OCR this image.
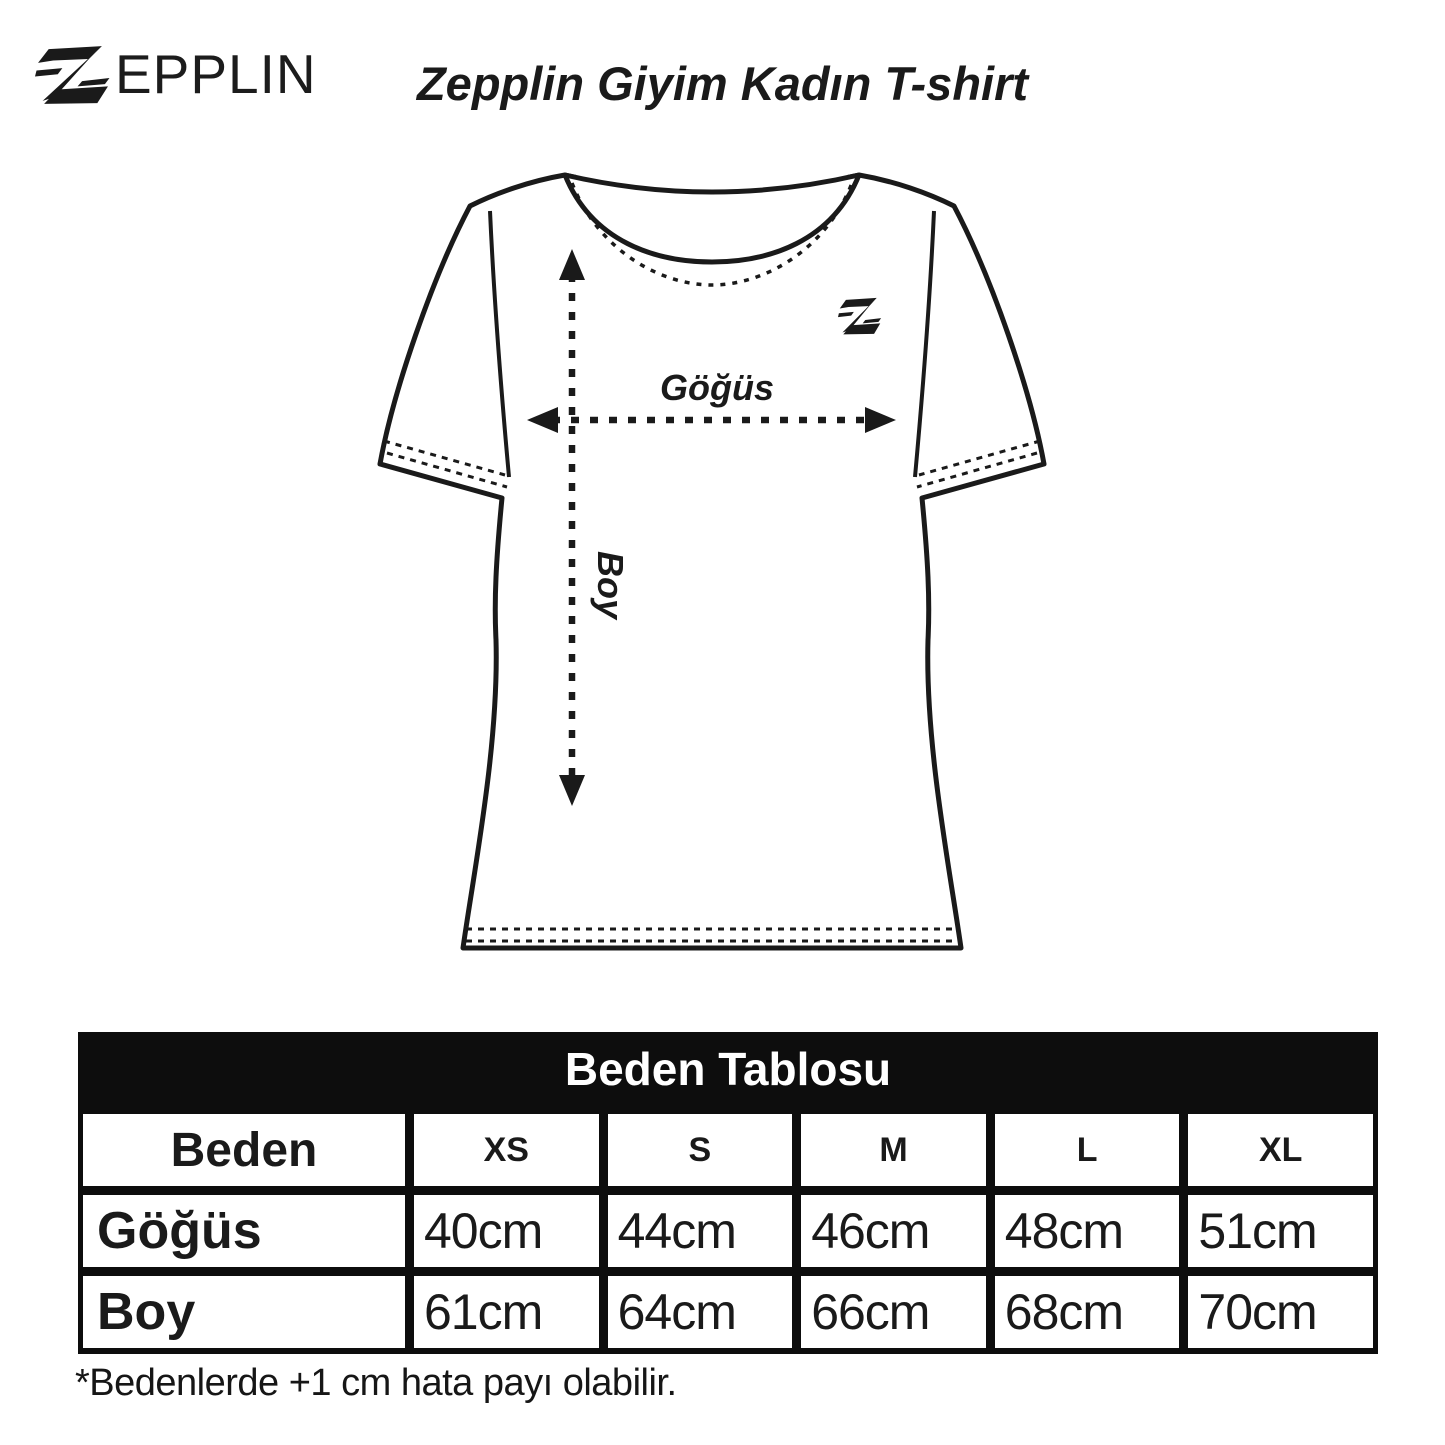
EPPLIN	Zepplin Giyim Kadın T-shirt
Göğüs
Boy
Beden Tablosu
Beden	XS	S	M	L	XL
Göğüs	40cm	44cm	46cm	48cm	51cm
Boy	61cm	64cm	66cm	68cm	70cm
*Bedenlerde +1 cm hata payı olabilir.
